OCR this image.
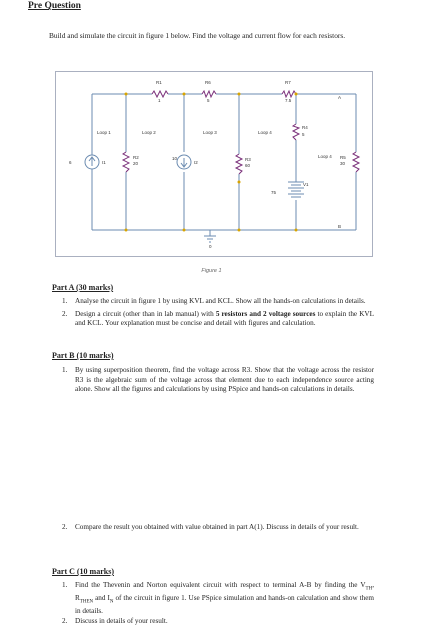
Pre Question
Build and simulate the circuit in figure 1 below. Find the voltage and current flow for each resistors.
R1
1
R6
5
R7
7.5
R4
5
R2
20
R3
60
R5
30
6	I1
10
I2
V1
75
A
B
0
Loop 1	Loop 2	Loop 3	Loop 4
Loop 4
Figure 1
Part A (30 marks)

1. Analyse the circuit in figure 1 by using KVL and KCL. Show all the hands-on calculations in details.

2. Design a circuit (other than in lab manual) with 5 resistors and 2 voltage sources to explain the KVL and KCL. Your explanation must be concise and detail with figures and calculation.

Part B (10 marks)

1. By using superposition theorem, find the voltage across R3. Show that the voltage across the resistor R3 is the algebraic sum of the voltage across that element due to each independence source acting alone. Show all the figures and calculations by using PSpice and hands-on calculations in details.

2. Compare the result you obtained with value obtained in part A(1). Discuss in details of your result.

Part C (10 marks)

1. Find the Thevenin and Norton equivalent circuit with respect to terminal A-B by finding the $V_{TH}$, $R_{THEN}$ and $I_N$ of the circuit in figure 1. Use PSpice simulation and hands-on calculation and show them in details.

2. Discuss in details of your result.
